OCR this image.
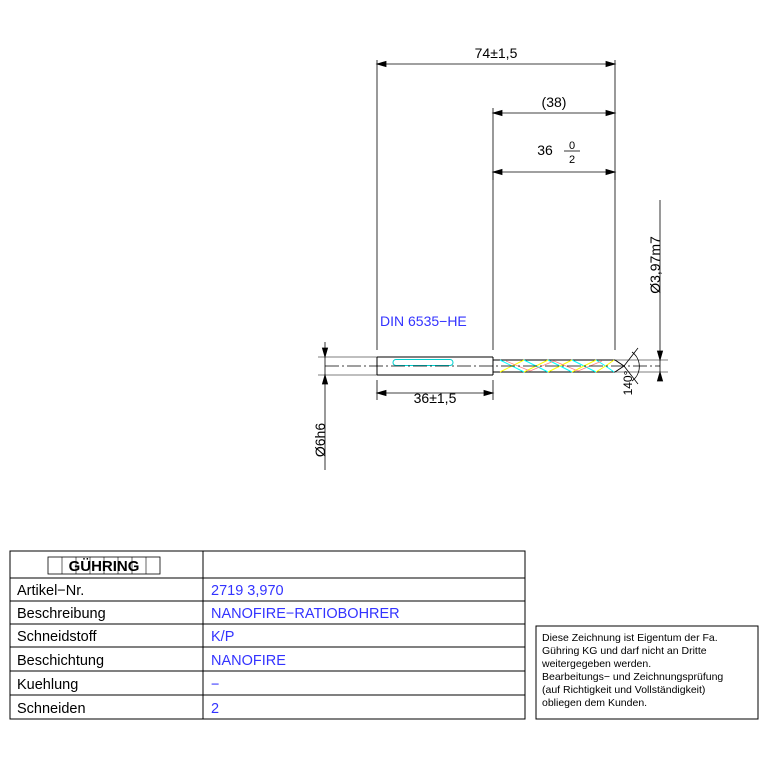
74±1,5
(38)
36 0
2
36±1,5
Ø6h6
Ø3,97m7
140°
DIN 6535−HE
GÜHRING
Artikel−Nr.
Beschreibung
Schneidstoff
Beschichtung
Kuehlung
Schneiden
2719 3,970
NANOFIRE−RATIOBOHRER
K/P
NANOFIRE
−
2
Diese Zeichnung ist Eigentum der Fa.
Gühring KG und darf nicht an Dritte
weitergegeben werden.
Bearbeitungs− und Zeichnungsprüfung
(auf Richtigkeit und Vollständigkeit)
obliegen dem Kunden.
